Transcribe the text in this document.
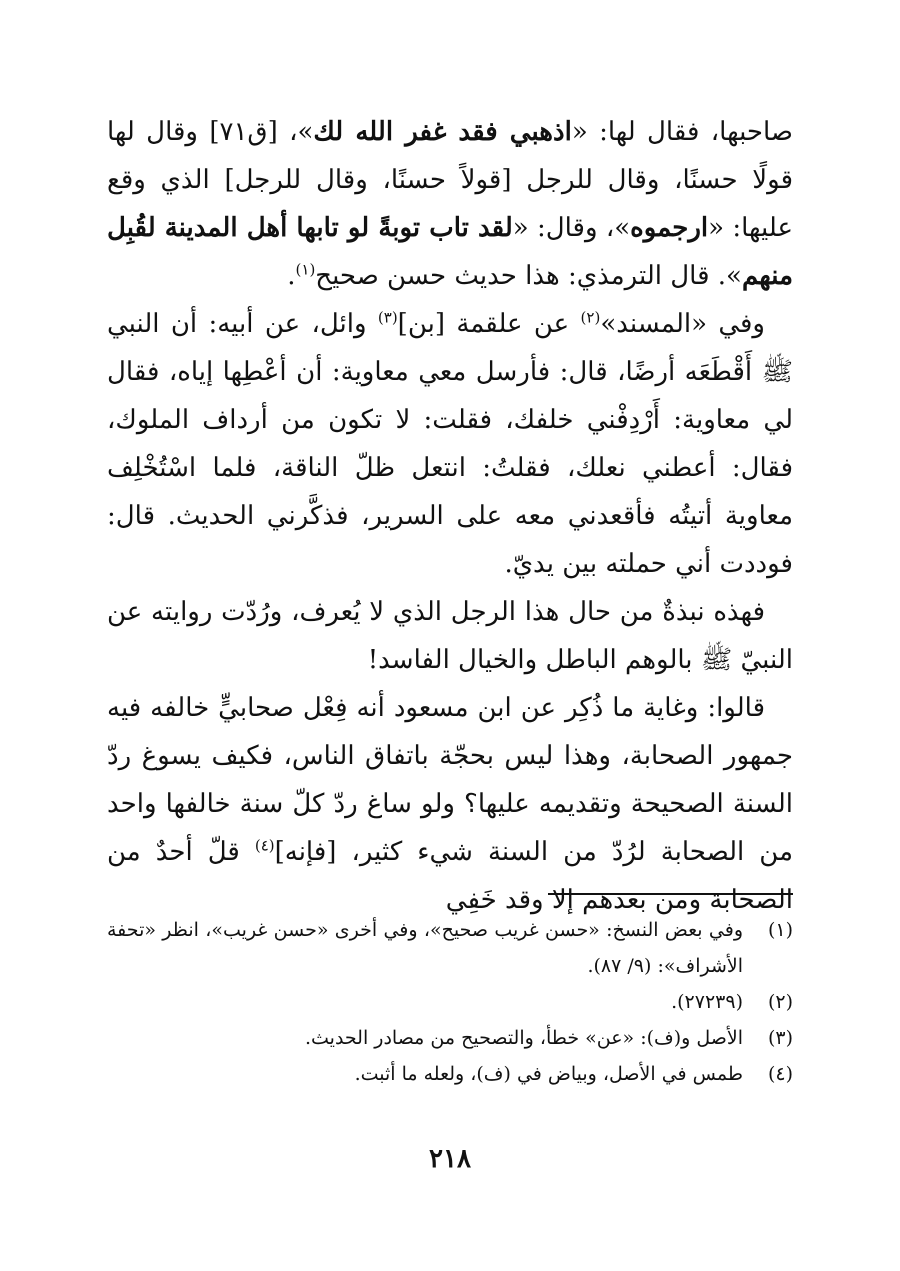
صاحبها، فقال لها: «اذهبي فقد غفر الله لك»، [ق٧١] وقال لها قولًا حسنًا، وقال للرجل [قولاً حسنًا، وقال للرجل] الذي وقع عليها: «ارجموه»، وقال: «لقد تاب توبةً لو تابها أهل المدينة لقُبِل منهم». قال الترمذي: هذا حديث حسن صحيح$^{(١)}$.

وفي «المسند»$^{(٢)}$ عن علقمة [بن]$^{(٣)}$ وائل، عن أبيه: أن النبي ﷺ أَقْطَعَه أرضًا، قال: فأرسل معي معاوية: أن أعْطِها إياه، فقال لي معاوية: أَرْدِفْني خلفك، فقلت: لا تكون من أرداف الملوك، فقال: أعطني نعلك، فقلتُ: انتعل ظلّ الناقة، فلما اسْتُخْلِف معاوية أتيتُه فأقعدني معه على السرير، فذكَّرني الحديث. قال: فوددت أني حملته بين يديّ.

فهذه نبذةٌ من حال هذا الرجل الذي لا يُعرف، ورُدّت روايته عن النبيّ ﷺ بالوهم الباطل والخيال الفاسد!

قالوا: وغاية ما ذُكِر عن ابن مسعود أنه فِعْل صحابيٍّ خالفه فيه جمهور الصحابة، وهذا ليس بحجّة باتفاق الناس، فكيف يسوغ ردّ السنة الصحيحة وتقديمه عليها؟ ولو ساغ ردّ كلّ سنة خالفها واحد من الصحابة لرُدّ من السنة شيء كثير، [فإنه]$^{(٤)}$ قلّ أحدٌ من الصحابة ومن بعدهم إلا وقد خَفِي

(١)
وفي بعض النسخ: «حسن غريب صحيح»، وفي أخرى «حسن غريب»، انظر «تحفة الأشراف»: (٩/ ٨٧).
(٢)
(٢٧٢٣٩).
(٣)
الأصل و(ف): «عن» خطأ، والتصحيح من مصادر الحديث.
(٤)
طمس في الأصل، وبياض في (ف)، ولعله ما أثبت.
٢١٨
